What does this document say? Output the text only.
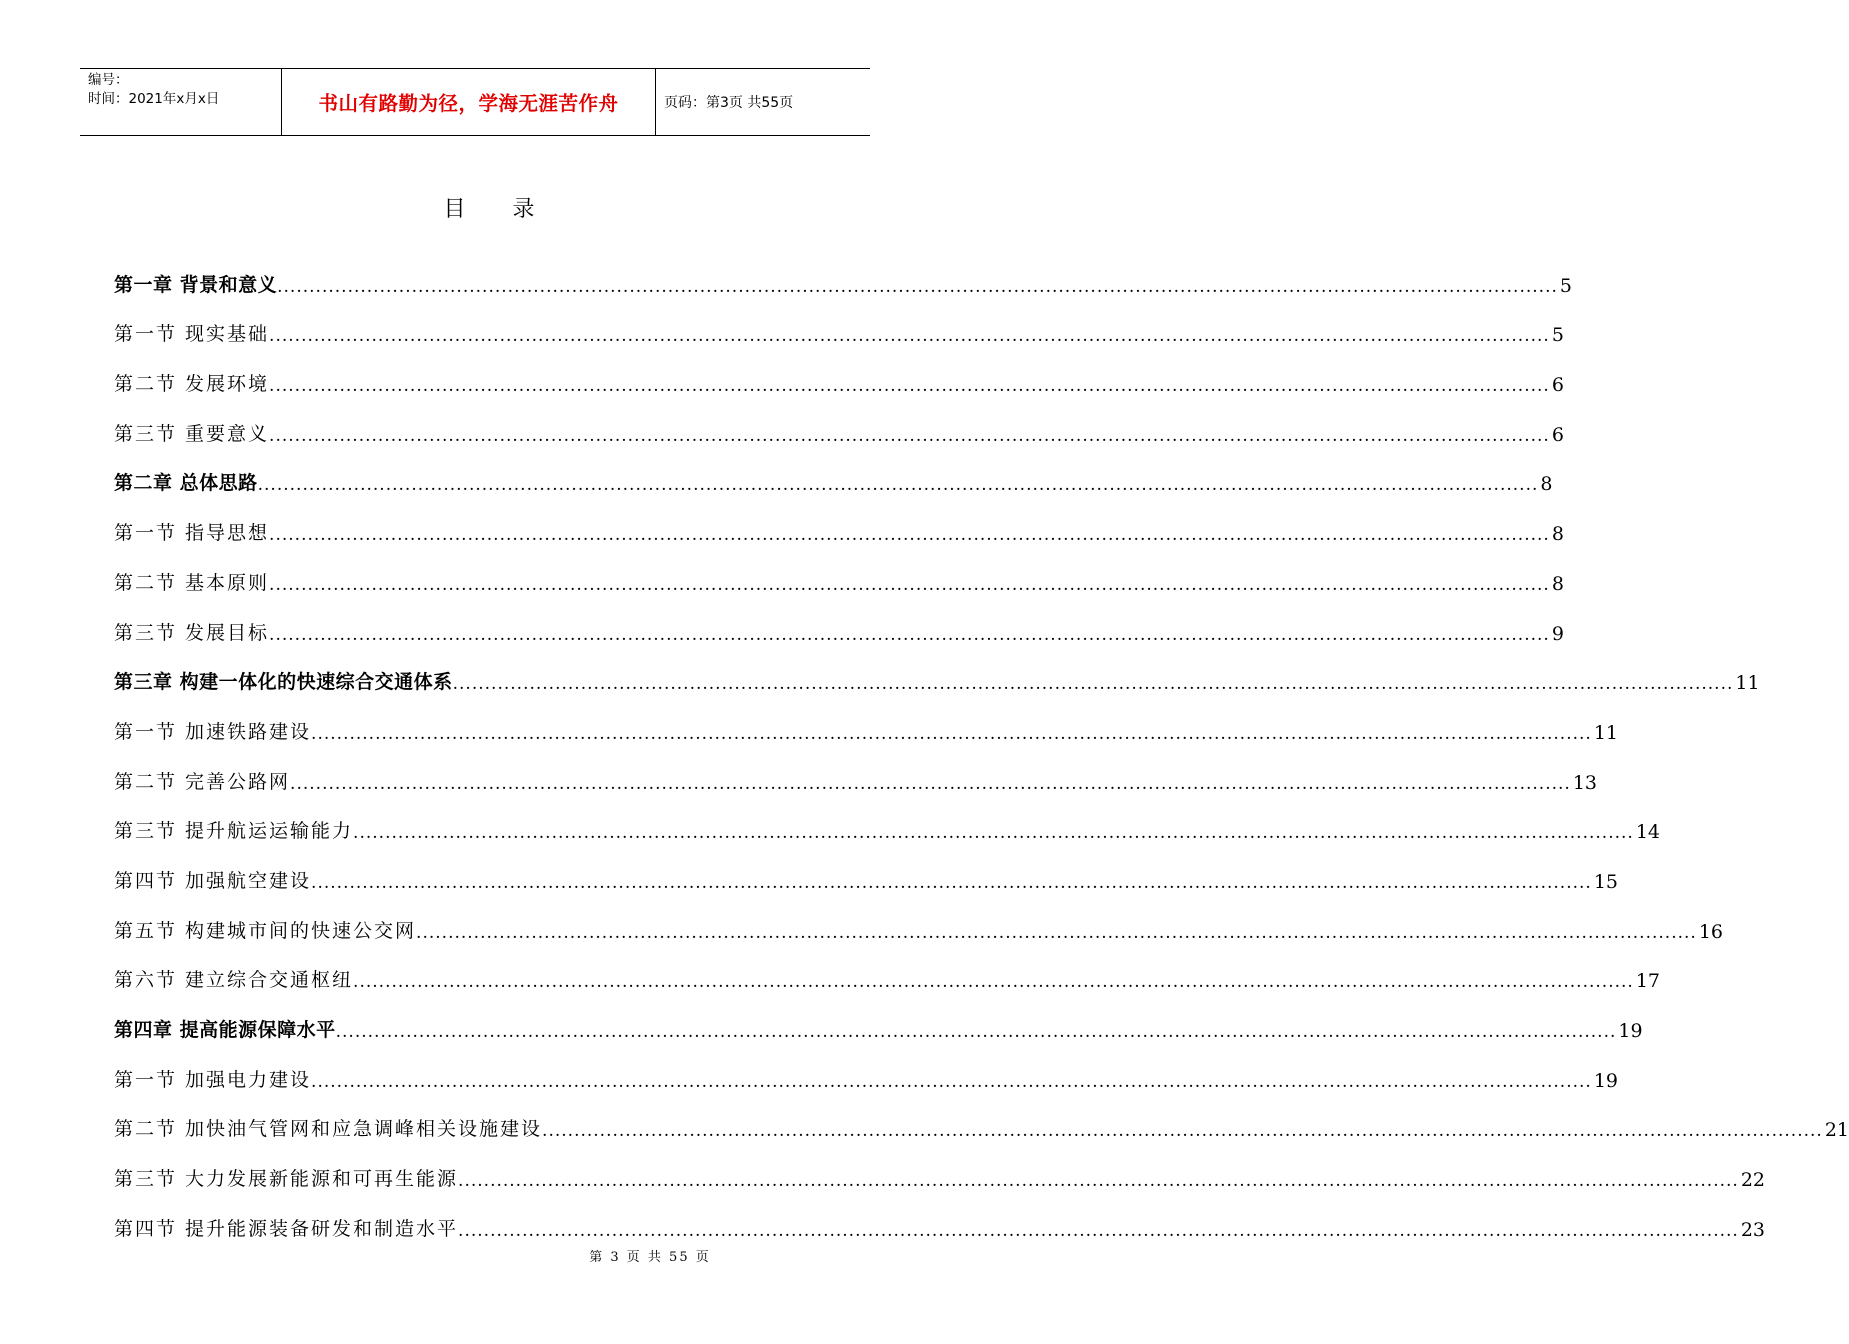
编号：
时间：2021年x月x日	书山有路勤为径，学海无涯苦作舟	页码：第3页 共55页
目 录
第一章 背景和意义 ........................................................................................................................................................................................................ 5
第一节 现实基础 ........................................................................................................................................................................................................ 5
第二节 发展环境 ........................................................................................................................................................................................................ 6
第三节 重要意义 ........................................................................................................................................................................................................ 6
第二章 总体思路 ........................................................................................................................................................................................................ 8
第一节 指导思想 ........................................................................................................................................................................................................ 8
第二节 基本原则 ........................................................................................................................................................................................................ 8
第三节 发展目标 ........................................................................................................................................................................................................ 9
第三章 构建一体化的快速综合交通体系 ........................................................................................................................................................................................................ 11
第一节 加速铁路建设 ........................................................................................................................................................................................................ 11
第二节 完善公路网 ........................................................................................................................................................................................................ 13
第三节 提升航运运输能力 ........................................................................................................................................................................................................ 14
第四节 加强航空建设 ........................................................................................................................................................................................................ 15
第五节 构建城市间的快速公交网 ........................................................................................................................................................................................................ 16
第六节 建立综合交通枢纽 ........................................................................................................................................................................................................ 17
第四章 提高能源保障水平 ........................................................................................................................................................................................................ 19
第一节 加强电力建设 ........................................................................................................................................................................................................ 19
第二节 加快油气管网和应急调峰相关设施建设 ........................................................................................................................................................................................................ 21
第三节 大力发展新能源和可再生能源 ........................................................................................................................................................................................................ 22
第四节 提升能源装备研发和制造水平 ........................................................................................................................................................................................................ 23
第 3 页 共 55 页
